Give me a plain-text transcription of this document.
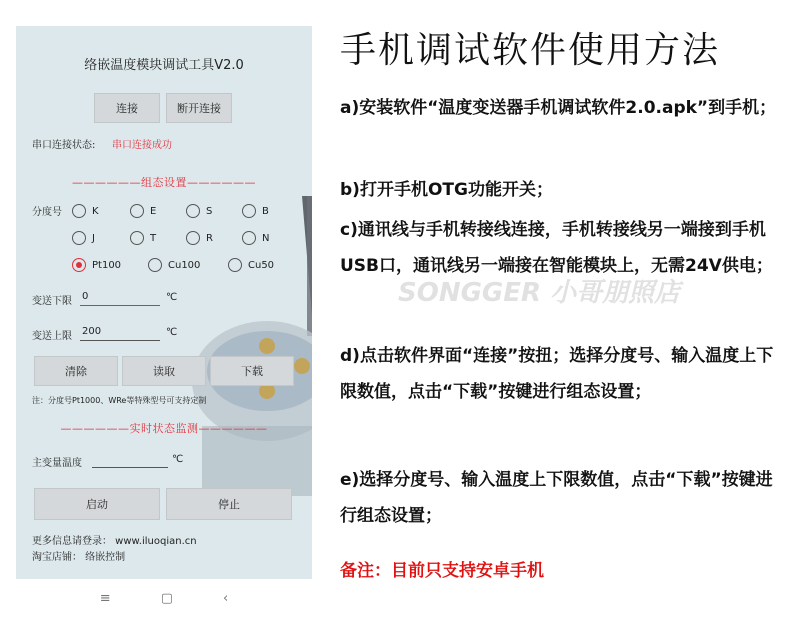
络嵌温度模块调试工具V2.0
连接	断开连接
串口连接状态: 串口连接成功
——————组态设置——————
分度号	K	E	S	B
J	T	R	N
Pt100	Cu100	Cu50
变送下限 0	℃
变送上限 200	℃
清除	读取	下载
注：分度号Pt1000、WRe等特殊型号可支持定制
——————实时状态监测——————
主变量温度	℃
启动	停止
更多信息请登录： www.iluoqian.cn
淘宝店铺： 络嵌控制
≡	▢	‹
手机调试软件使用方法
a)安装软件“温度变送器手机调试软件2.0.apk”到手机；
b)打开手机OTG功能开关；
c)通讯线与手机转接线连接，手机转接线另一端接到手机USB口，通讯线另一端接在智能模块上，无需24V供电；
d)点击软件界面“连接”按扭；选择分度号、输入温度上下限数值，点击“下载”按键进行组态设置；
e)选择分度号、输入温度上下限数值，点击“下载”按键进行组态设置；
SONGGER 小哥朋照店
备注：目前只支持安卓手机
